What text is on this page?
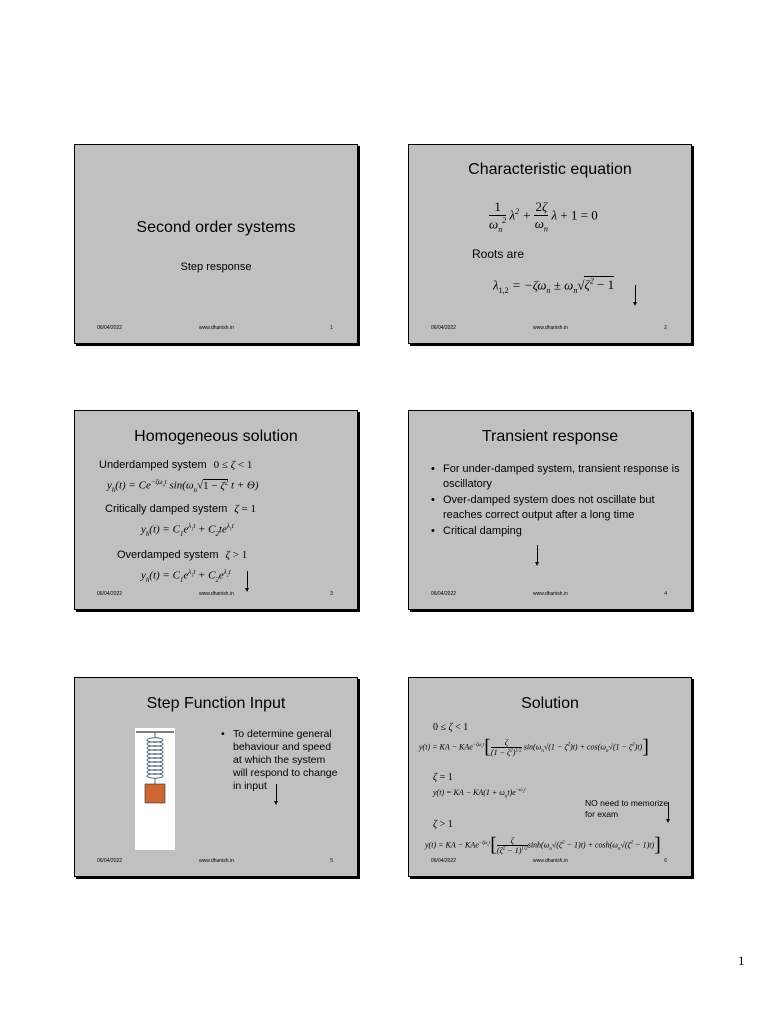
Second order systems
Step response
06/04/2022	www.dhanish.in	1
Characteristic equation
$\frac{1}{\omega_n^2} \lambda^2 + \frac{2\zeta}{\omega_n}$ λ + 1 = 0
Roots are
$\lambda_{1,2} = -\zeta\omega_n \pm \omega_n√\zeta^2 - 1$
06/04/2022	www.dhanish.in	2
Homogeneous solution
Underdamped system 0 ≤ ζ < 1
$y_h(t) = Ce^{-\zeta\omega_nt}$ $\sin(\omega_n√1 - \zeta^2$ t + Θ)
Critically damped system ζ = 1
$y_h(t) = C_1e^{\lambda_1t} + C_2te^{\lambda_1t}$
Overdamped system ζ > 1
$y_h(t) = C_1e^{\lambda_1t} + C_2e^{\lambda_2t}$
06/04/2022	www.dhanish.in	3
Transient response
• For under-damped system, transient response is oscillatory
• Over-damped system does not oscillate but reaches correct output after a long time
• Critical damping
06/04/2022	www.dhanish.in	4
Step Function Input
• To determine general behaviour and speed at which the system will respond to change in input
06/04/2022	www.dhanish.in	5
Solution
0 ≤ ζ < 1
y(t) = KA − $KAe^{-\zeta\omega_nt}[ \frac{\zeta}{(1 - \zeta^2)^{1/2}} \sin(\omega_n√(1 - \zeta^2)t) + \cos(\omega_n√(1 - \zeta^2)t)]$
ζ = 1
y(t) = KA − $KA(1 + \omega_nt)e^{-\omega_nt}$
NO need to memorize for exam
ζ > 1
y(t) = KA − $KAe^{-\zeta\omega_nt}[ \frac{\zeta}{(\zeta^2 - 1)^{1/2}} \sinh(\omega_n√(\zeta^2 - 1)t) + \cosh(\omega_n√(\zeta^2 - 1)t)]$
06/04/2022	www.dhanish.in	6
1
